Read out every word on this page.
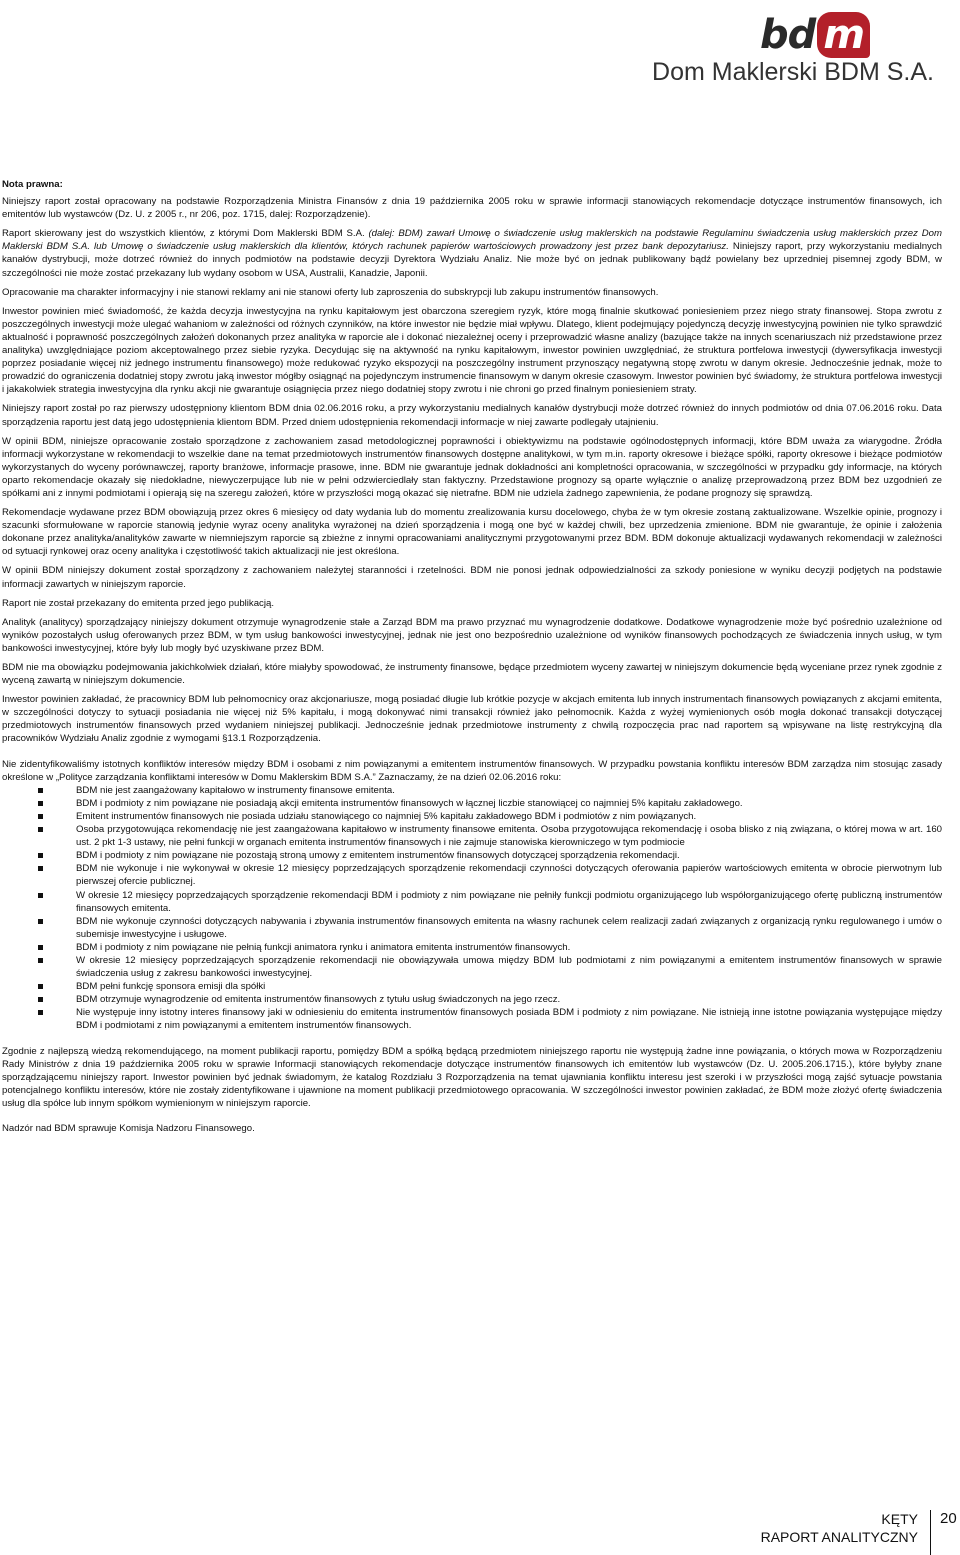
bd m
Dom Maklerski BDM S.A.

Nota prawna:

Niniejszy raport został opracowany na podstawie Rozporządzenia Ministra Finansów z dnia 19 października 2005 roku w sprawie informacji stanowiących rekomendacje dotyczące instrumentów finansowych, ich emitentów lub wystawców (Dz. U. z 2005 r., nr 206, poz. 1715, dalej: Rozporządzenie).

Raport skierowany jest do wszystkich klientów, z którymi Dom Maklerski BDM S.A. (dalej: BDM) zawarł Umowę o świadczenie usług maklerskich na podstawie Regulaminu świadczenia usług maklerskich przez Dom Maklerski BDM S.A. lub Umowę o świadczenie usług maklerskich dla klientów, których rachunek papierów wartościowych prowadzony jest przez bank depozytariusz. Niniejszy raport, przy wykorzystaniu medialnych kanałów dystrybucji, może dotrzeć również do innych podmiotów na podstawie decyzji Dyrektora Wydziału Analiz. Nie może być on jednak publikowany bądź powielany bez uprzedniej pisemnej zgody BDM, w szczególności nie może zostać przekazany lub wydany osobom w USA, Australii, Kanadzie, Japonii.

Opracowanie ma charakter informacyjny i nie stanowi reklamy ani nie stanowi oferty lub zaproszenia do subskrypcji lub zakupu instrumentów finansowych.

Inwestor powinien mieć świadomość, że każda decyzja inwestycyjna na rynku kapitałowym jest obarczona szeregiem ryzyk, które mogą finalnie skutkować poniesieniem przez niego straty finansowej. Stopa zwrotu z poszczególnych inwestycji może ulegać wahaniom w zależności od różnych czynników, na które inwestor nie będzie miał wpływu. Dlatego, klient podejmujący pojedynczą decyzję inwestycyjną powinien nie tylko sprawdzić aktualność i poprawność poszczególnych założeń dokonanych przez analityka w raporcie ale i dokonać niezależnej oceny i przeprowadzić własne analizy (bazujące także na innych scenariuszach niż przedstawione przez analityka) uwzględniające poziom akceptowalnego przez siebie ryzyka. Decydując się na aktywność na rynku kapitałowym, inwestor powinien uwzględniać, że struktura portfelowa inwestycji (dywersyfikacja inwestycji poprzez posiadanie więcej niż jednego instrumentu finansowego) może redukować ryzyko ekspozycji na poszczególny instrument przynoszący negatywną stopę zwrotu w danym okresie. Jednocześnie jednak, może to prowadzić do ograniczenia dodatniej stopy zwrotu jaką inwestor mógłby osiągnąć na pojedynczym instrumencie finansowym w danym okresie czasowym. Inwestor powinien być świadomy, że struktura portfelowa inwestycji i jakakolwiek strategia inwestycyjna dla rynku akcji nie gwarantuje osiągnięcia przez niego dodatniej stopy zwrotu i nie chroni go przed finalnym poniesieniem straty.

Niniejszy raport został po raz pierwszy udostępniony klientom BDM dnia 02.06.2016 roku, a przy wykorzystaniu medialnych kanałów dystrybucji może dotrzeć również do innych podmiotów od dnia 07.06.2016 roku. Data sporządzenia raportu jest datą jego udostępnienia klientom BDM. Przed dniem udostępnienia rekomendacji informacje w niej zawarte podlegały utajnieniu.

W opinii BDM, niniejsze opracowanie zostało sporządzone z zachowaniem zasad metodologicznej poprawności i obiektywizmu na podstawie ogólnodostępnych informacji, które BDM uważa za wiarygodne. Źródła informacji wykorzystane w rekomendacji to wszelkie dane na temat przedmiotowych instrumentów finansowych dostępne analitykowi, w tym m.in. raporty okresowe i bieżące spółki, raporty okresowe i bieżące podmiotów wykorzystanych do wyceny porównawczej, raporty branżowe, informacje prasowe, inne. BDM nie gwarantuje jednak dokładności ani kompletności opracowania, w szczególności w przypadku gdy informacje, na których oparto rekomendacje okazały się niedokładne, niewyczerpujące lub nie w pełni odzwierciedlały stan faktyczny. Przedstawione prognozy są oparte wyłącznie o analizę przeprowadzoną przez BDM bez uzgodnień ze spółkami ani z innymi podmiotami i opierają się na szeregu założeń, które w przyszłości mogą okazać się nietrafne. BDM nie udziela żadnego zapewnienia, że podane prognozy się sprawdzą.

Rekomendacje wydawane przez BDM obowiązują przez okres 6 miesięcy od daty wydania lub do momentu zrealizowania kursu docelowego, chyba że w tym okresie zostaną zaktualizowane. Wszelkie opinie, prognozy i szacunki sformułowane w raporcie stanowią jedynie wyraz oceny analityka wyrażonej na dzień sporządzenia i mogą one być w każdej chwili, bez uprzedzenia zmienione. BDM nie gwarantuje, że opinie i założenia dokonane przez analityka/analityków zawarte w niemniejszym raporcie są zbieżne z innymi opracowaniami analitycznymi przygotowanymi przez BDM. BDM dokonuje aktualizacji wydawanych rekomendacji w zależności od sytuacji rynkowej oraz oceny analityka i częstotliwość takich aktualizacji nie jest określona.

W opinii BDM niniejszy dokument został sporządzony z zachowaniem należytej staranności i rzetelności. BDM nie ponosi jednak odpowiedzialności za szkody poniesione w wyniku decyzji podjętych na podstawie informacji zawartych w niniejszym raporcie.

Raport nie został przekazany do emitenta przed jego publikacją.

Analityk (analitycy) sporządzający niniejszy dokument otrzymuje wynagrodzenie stałe a Zarząd BDM ma prawo przyznać mu wynagrodzenie dodatkowe. Dodatkowe wynagrodzenie może być pośrednio uzależnione od wyników pozostałych usług oferowanych przez BDM, w tym usług bankowości inwestycyjnej, jednak nie jest ono bezpośrednio uzależnione od wyników finansowych pochodzących ze świadczenia innych usług, w tym bankowości inwestycyjnej, które były lub mogły być uzyskiwane przez BDM.

BDM nie ma obowiązku podejmowania jakichkolwiek działań, które miałyby spowodować, że instrumenty finansowe, będące przedmiotem wyceny zawartej w niniejszym dokumencie będą wyceniane przez rynek zgodnie z wyceną zawartą w niniejszym dokumencie.

Inwestor powinien zakładać, że pracownicy BDM lub pełnomocnicy oraz akcjonariusze, mogą posiadać długie lub krótkie pozycje w akcjach emitenta lub innych instrumentach finansowych powiązanych z akcjami emitenta, w szczególności dotyczy to sytuacji posiadania nie więcej niż 5% kapitału, i mogą dokonywać nimi transakcji również jako pełnomocnik. Każda z wyżej wymienionych osób mogła dokonać transakcji dotyczącej przedmiotowych instrumentów finansowych przed wydaniem niniejszej publikacji. Jednocześnie jednak przedmiotowe instrumenty z chwilą rozpoczęcia prac nad raportem są wpisywane na listę restrykcyjną dla pracowników Wydziału Analiz zgodnie z wymogami §13.1 Rozporządzenia.

Nie zidentyfikowaliśmy istotnych konfliktów interesów między BDM i osobami z nim powiązanymi a emitentem instrumentów finansowych. W przypadku powstania konfliktu interesów BDM zarządza nim stosując zasady określone w „Polityce zarządzania konfliktami interesów w Domu Maklerskim BDM S.A.” Zaznaczamy, że na dzień 02.06.2016 roku:

BDM nie jest zaangażowany kapitałowo w instrumenty finansowe emitenta.
BDM i podmioty z nim powiązane nie posiadają akcji emitenta instrumentów finansowych w łącznej liczbie stanowiącej co najmniej 5% kapitału zakładowego.
Emitent instrumentów finansowych nie posiada udziału stanowiącego co najmniej 5% kapitału zakładowego BDM i podmiotów z nim powiązanych.
Osoba przygotowująca rekomendację nie jest zaangażowana kapitałowo w instrumenty finansowe emitenta. Osoba przygotowująca rekomendację i osoba blisko z nią związana, o której mowa w art. 160 ust. 2 pkt 1-3 ustawy, nie pełni funkcji w organach emitenta instrumentów finansowych i nie zajmuje stanowiska kierowniczego w tym podmiocie
BDM i podmioty z nim powiązane nie pozostają stroną umowy z emitentem instrumentów finansowych dotyczącej sporządzenia rekomendacji.
BDM nie wykonuje i nie wykonywał w okresie 12 miesięcy poprzedzających sporządzenie rekomendacji czynności dotyczących oferowania papierów wartościowych emitenta w obrocie pierwotnym lub pierwszej ofercie publicznej.
W okresie 12 miesięcy poprzedzających sporządzenie rekomendacji BDM i podmioty z nim powiązane nie pełniły funkcji podmiotu organizującego lub współorganizującego ofertę publiczną instrumentów finansowych emitenta.
BDM nie wykonuje czynności dotyczących nabywania i zbywania instrumentów finansowych emitenta na własny rachunek celem realizacji zadań związanych z organizacją rynku regulowanego i umów o subemisje inwestycyjne i usługowe.
BDM i podmioty z nim powiązane nie pełnią funkcji animatora rynku i animatora emitenta instrumentów finansowych.
W okresie 12 miesięcy poprzedzających sporządzenie rekomendacji nie obowiązywała umowa między BDM lub podmiotami z nim powiązanymi a emitentem instrumentów finansowych w sprawie świadczenia usług z zakresu bankowości inwestycyjnej.
BDM pełni funkcję sponsora emisji dla spółki
BDM otrzymuje wynagrodzenie od emitenta instrumentów finansowych z tytułu usług świadczonych na jego rzecz.
Nie występuje inny istotny interes finansowy jaki w odniesieniu do emitenta instrumentów finansowych posiada BDM i podmioty z nim powiązane. Nie istnieją inne istotne powiązania występujące między BDM i podmiotami z nim powiązanymi a emitentem instrumentów finansowych.

Zgodnie z najlepszą wiedzą rekomendującego, na moment publikacji raportu, pomiędzy BDM a spółką będącą przedmiotem niniejszego raportu nie występują żadne inne powiązania, o których mowa w Rozporządzeniu Rady Ministrów z dnia 19 października 2005 roku w sprawie Informacji stanowiących rekomendacje dotyczące instrumentów finansowych ich emitentów lub wystawców (Dz. U. 2005.206.1715.), które byłyby znane sporządzającemu niniejszy raport. Inwestor powinien być jednak świadomym, że katalog Rozdziału 3 Rozporządzenia na temat ujawniania konfliktu interesu jest szeroki i w przyszłości mogą zajść sytuacje powstania potencjalnego konfliktu interesów, które nie zostały zidentyfikowane i ujawnione na moment publikacji przedmiotowego opracowania. W szczególności inwestor powinien zakładać, że BDM może złożyć ofertę świadczenia usług dla spółce lub innym spółkom wymienionym w niniejszym raporcie.

Nadzór nad BDM sprawuje Komisja Nadzoru Finansowego.

KĘTY
RAPORT ANALITYCZNY
20
